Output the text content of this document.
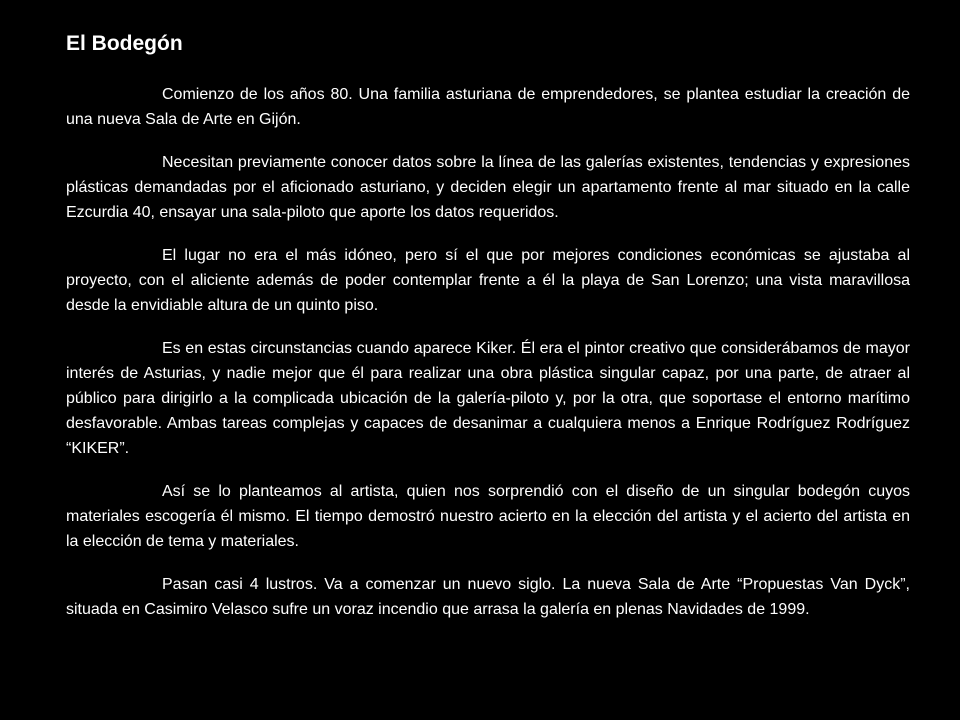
El Bodegón

Comienzo de los años 80. Una familia asturiana de emprendedores, se plantea estudiar la creación de una nueva Sala de Arte en Gijón.

Necesitan previamente conocer datos sobre la línea de las galerías existentes, tendencias y expresiones plásticas demandadas por el aficionado asturiano, y deciden elegir un apartamento frente al mar situado en la calle Ezcurdia 40, ensayar una sala-piloto que aporte los datos requeridos.

El lugar no era el más idóneo, pero sí el que por mejores condiciones económicas se ajustaba al proyecto, con el aliciente además de poder contemplar frente a él la playa de San Lorenzo; una vista maravillosa desde la envidiable altura de un quinto piso.

Es en estas circunstancias cuando aparece Kiker. Él era el pintor creativo que considerábamos de mayor interés de Asturias, y nadie mejor que él para realizar una obra plástica singular capaz, por una parte, de atraer al público para dirigirlo a la complicada ubicación de la galería-piloto y, por la otra, que soportase el entorno marítimo desfavorable. Ambas tareas complejas y capaces de desanimar a cualquiera menos a Enrique Rodríguez Rodríguez “KIKER”.

Así se lo planteamos al artista, quien nos sorprendió con el diseño de un singular bodegón cuyos materiales escogería él mismo. El tiempo demostró nuestro acierto en la elección del artista y el acierto del artista en la elección de tema y materiales.

Pasan casi 4 lustros. Va a comenzar un nuevo siglo. La nueva Sala de Arte “Propuestas Van Dyck”, situada en Casimiro Velasco sufre un voraz incendio que arrasa la galería en plenas Navidades de 1999.
